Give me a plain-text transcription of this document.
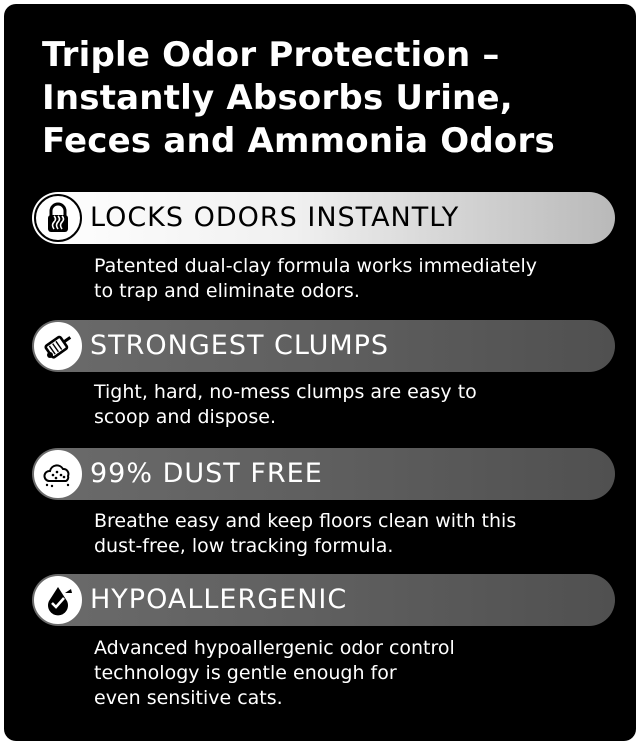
Triple Odor Protection –
Instantly Absorbs Urine,
Feces and Ammonia Odors
LOCKS ODORS INSTANTLY
Patented dual-clay formula works immediately
to trap and eliminate odors.
STRONGEST CLUMPS
Tight, hard, no-mess clumps are easy to
scoop and dispose.
99% DUST FREE
Breathe easy and keep floors clean with this
dust-free, low tracking formula.
HYPOALLERGENIC
Advanced hypoallergenic odor control
technology is gentle enough for
even sensitive cats.
